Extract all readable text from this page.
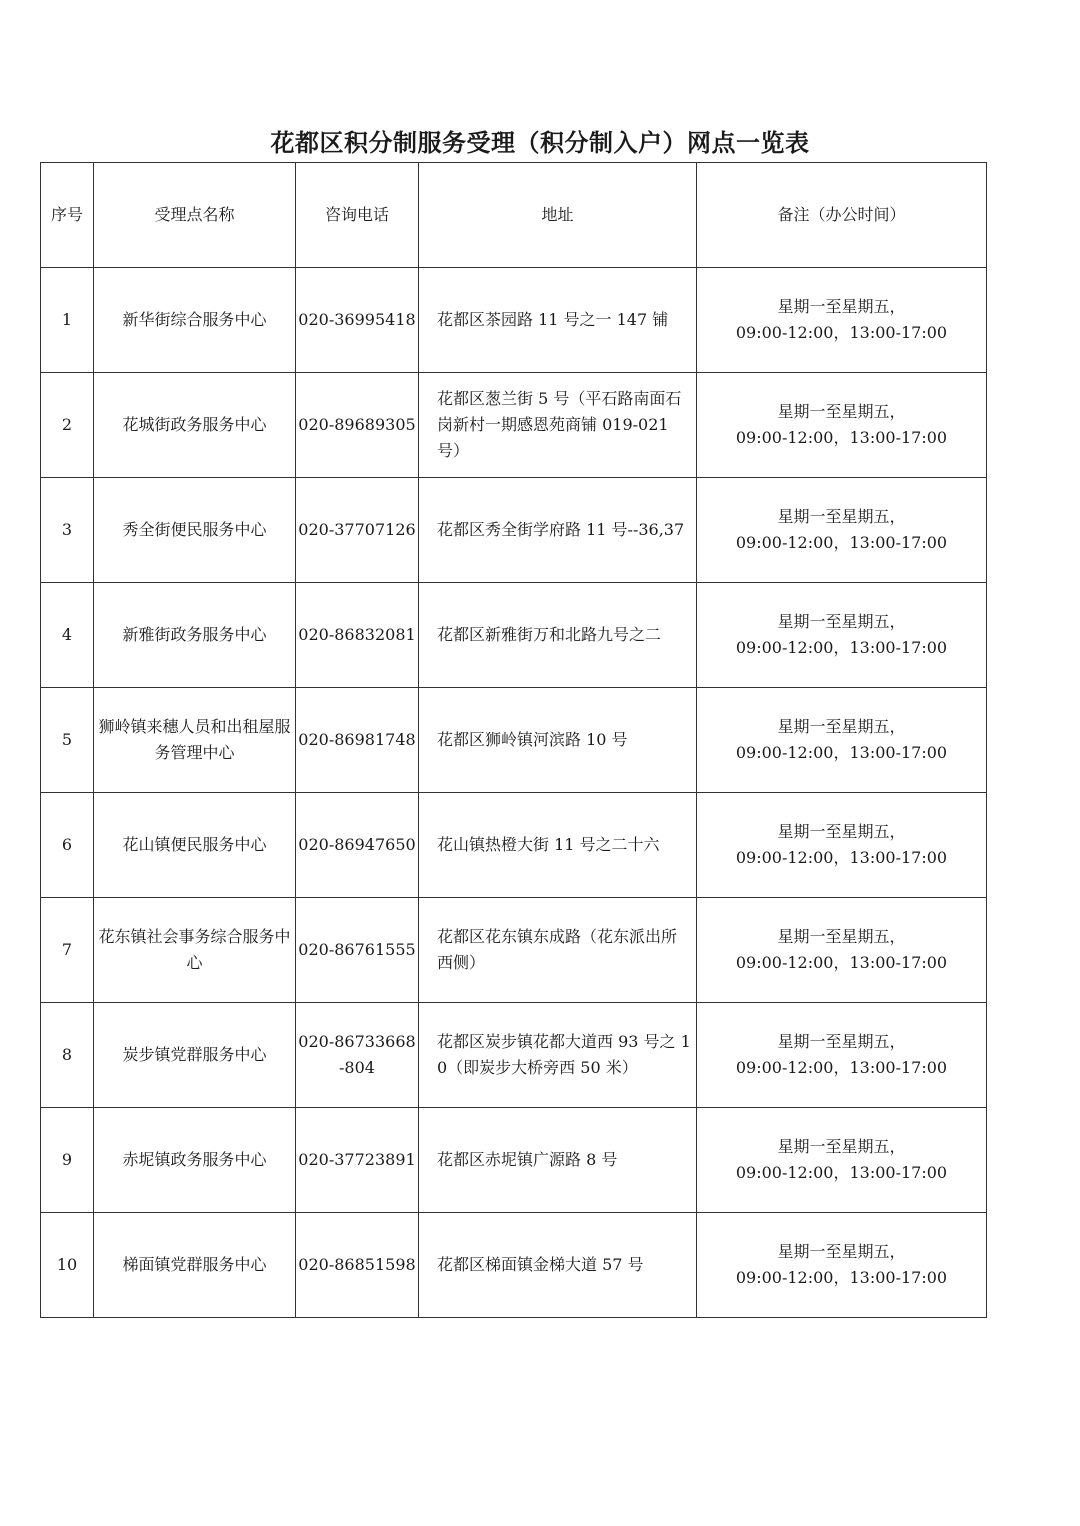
花都区积分制服务受理（积分制入户）网点一览表
序号	受理点名称	咨询电话	地址	备注（办公时间）
1	新华街综合服务中心	020-36995418	花都区茶园路 11 号之一 147 铺	星期一至星期五，
09:00-12:00，13:00-17:00

2	花城街政务服务中心	020-89689305	花都区葱兰街 5 号（平石路南面石岗新村一期感恩苑商铺 019-021 号）	星期一至星期五，
09:00-12:00，13:00-17:00

3	秀全街便民服务中心	020-37707126	花都区秀全街学府路 11 号--36,37	星期一至星期五，
09:00-12:00，13:00-17:00

4	新雅街政务服务中心	020-86832081	花都区新雅街万和北路九号之二	星期一至星期五，
09:00-12:00，13:00-17:00

5	狮岭镇来穗人员和出租屋服务管理中心	020-86981748	花都区狮岭镇河滨路 10 号	星期一至星期五，
09:00-12:00，13:00-17:00

6	花山镇便民服务中心	020-86947650	花山镇热橙大街 11 号之二十六	星期一至星期五，
09:00-12:00，13:00-17:00

7	花东镇社会事务综合服务中心	020-86761555	花都区花东镇东成路（花东派出所西侧）	星期一至星期五，
09:00-12:00，13:00-17:00

8	炭步镇党群服务中心	020-86733668-804	花都区炭步镇花都大道西 93 号之 10（即炭步大桥旁西 50 米）	星期一至星期五，
09:00-12:00，13:00-17:00

9	赤坭镇政务服务中心	020-37723891	花都区赤坭镇广源路 8 号	星期一至星期五，
09:00-12:00，13:00-17:00

10	梯面镇党群服务中心	020-86851598	花都区梯面镇金梯大道 57 号	星期一至星期五，
09:00-12:00，13:00-17:00
